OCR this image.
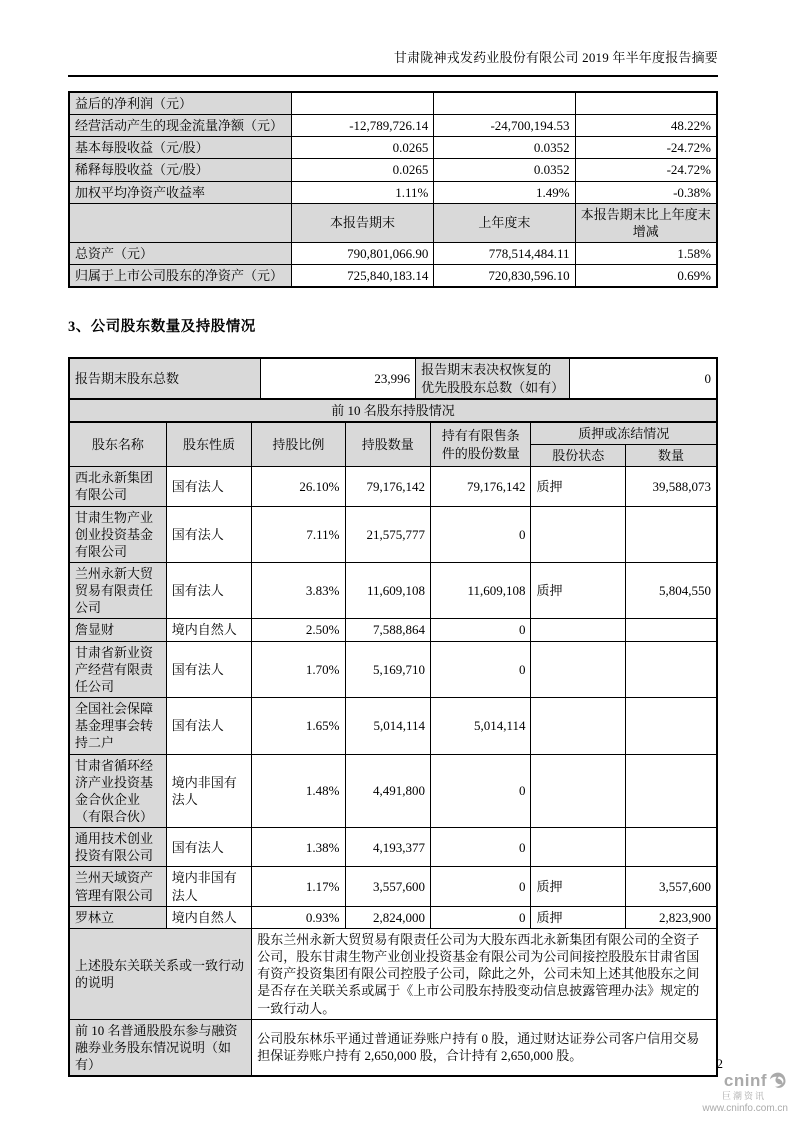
甘肃陇神戎发药业股份有限公司 2019 年半年度报告摘要
益后的净利润（元）			
经营活动产生的现金流量净额（元）	-12,789,726.14	-24,700,194.53	48.22%
基本每股收益（元/股）	0.0265	0.0352	-24.72%
稀释每股收益（元/股）	0.0265	0.0352	-24.72%
加权平均净资产收益率	1.11%	1.49%	-0.38%
	本报告期末	上年度末	本报告期末比上年度末增减
总资产（元）	790,801,066.90	778,514,484.11	1.58%
归属于上市公司股东的净资产（元）	725,840,183.14	720,830,596.10	0.69%
3、公司股东数量及持股情况
报告期末股东总数	23,996	报告期末表决权恢复的优先股股东总数（如有）	0
前 10 名股东持股情况
股东名称	股东性质	持股比例	持股数量	持有有限售条件的股份数量	质押或冻结情况	
					股份状态	数量
西北永新集团有限公司	国有法人	26.10%	79,176,142	79,176,142	质押	39,588,073
甘肃生物产业创业投资基金有限公司	国有法人	7.11%	21,575,777	0		
兰州永新大贸贸易有限责任公司	国有法人	3.83%	11,609,108	11,609,108	质押	5,804,550
詹显财	境内自然人	2.50%	7,588,864	0		
甘肃省新业资产经营有限责任公司	国有法人	1.70%	5,169,710	0		
全国社会保障基金理事会转持二户	国有法人	1.65%	5,014,114	5,014,114		
甘肃省循环经济产业投资基金合伙企业（有限合伙）	境内非国有法人	1.48%	4,491,800	0		
通用技术创业投资有限公司	国有法人	1.38%	4,193,377	0		
兰州天域资产管理有限公司	境内非国有法人	1.17%	3,557,600	0	质押	3,557,600
罗林立	境内自然人	0.93%	2,824,000	0	质押	2,823,900
上述股东关联关系或一致行动的说明		股东兰州永新大贸贸易有限责任公司为大股东西北永新集团有限公司的全资子公司，股东甘肃生物产业创业投资基金有限公司为公司间接控股股东甘肃省国有资产投资集团有限公司控股子公司，除此之外，公司未知上述其他股东之间是否存在关联关系或属于《上市公司股东持股变动信息披露管理办法》规定的一致行动人。				
前 10 名普通股股东参与融资融券业务股东情况说明（如有）		公司股东林乐平通过普通证券账户持有 0 股，通过财达证券公司客户信用交易担保证券账户持有 2,650,000 股，合计持有 2,650,000 股。				
2
cninf
巨潮资讯
www.cninfo.com.cn
